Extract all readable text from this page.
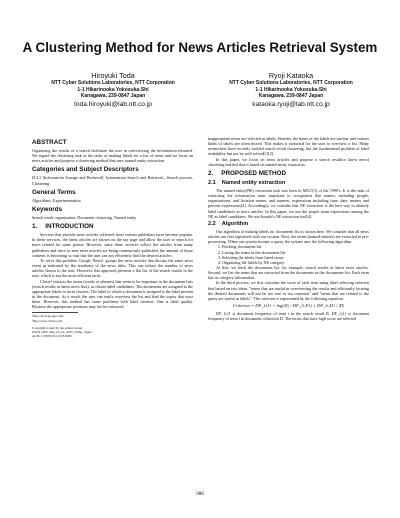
A Clustering Method for News Articles Retrieval System
Hiroyuki Toda
NTT Cyber Solutions Laboratories, NTT Corporation
1-1 Hikarinooka Yokosuka-Shi
Kanagawa, 239-0847 Japan
toda.hiroyuki@lab.ntt.co.jp
Ryoji Kataoka
NTT Cyber Solutions Laboratories, NTT Corporation
1-1 Hikarinooka Yokosuka-Shi
Kanagawa, 239-0847 Japan
kataoka.ryoji@lab.ntt.co.jp
ABSTRACT

Organizing the results of a search facilitates the user in overviewing the information returned. We regard the clustering task as the tasks of making labels for a list of items and we focus on news articles and propose a clustering method that uses named entity extraction.

Categories and Subject Descriptors

H.3.3 [Information Storage and Retrieval]: Information Search and Retrieval—Search process, Clustering

General Terms

Algorithms, Experimentation

Keywords

Search result organization, Document clustering, Named entity

1. INTRODUCTION

Services that provide news articles collected from various publishers have become popular. In these services, the latest articles are shown on the top page and allow the user to search for news related for some period. However, since these services collect the articles from many publishers and since so new news articles are being continuously published, the amount of those contents is becoming so vast that the user can not efficiently find the desired articles.

To solve this problem, Google News¹, groups the news articles that discuss the same news event as indicated by the similarity of the news titles. This can reduce the number of news articles shown to the user. However, this approach presents a flat list of the search results to the user, which is not the most efficient tactic.

Clusty² extracts the terms (words or phrases) that seem to be important in the document lists (search results or latest news lists), as cluster label candidates. The documents are assigned to the appropriate labels to form clusters. The label to which a document is assigned is the label present in the document. As a result, the user can easily overview the list and find the topics that exist there. However, this method has some problems with label creation. One is label quality. Because the appropriate positions may not be extracted,

¹http://news.google.com/
²http://www.clusty.com/
Copyright is held by the author/owner.
WWW 2005, May 10–14, 2005, Chiba, Japan.
ACM 1-59593-051-5/05/0005.

inappropriate terms are selected as labels. Besides, the bases of the labels are unclear and various kinds of labels are often mixed. This makes it awkward for the user to overview a list. Many researchers have recently tackled search result clustering, but the fundamental problem of label readability has not be well solved[1][2].

In this paper, we focus on news articles and propose a search result(or latest news) clustering method that is based on named entity extraction.

2. PROPOSED METHOD
2.1 Named entity extraction

The named entity(NE) extraction task was born in MUC[3] of the 1990's. It is the task of extracting the information units important to recognition like names, including people, organizations, and location names, and numeric expressions including time, date, money and percent expressions[4]. Accordingly, we consider that NE extraction is the best way to identify label candidates in news articles. In this paper, we use the proper noun expressions among the NE as label candidates. We use Isozaki's NE extraction tool[4].

2.2 Algorithm

Our algorithm of making labels for documents list is shown here. We consider that all news articles are first registered with our system. Next, the terms (named entities) are extracted in pre-processing. When our system accepts a query, the system uses the following algorithm.

1. Fetching documents list
2. Listing the terms in the documents list
3. Selecting the labels from listed terms
4. Organizing the labels by NE category

At first, we fetch the documents list, for example, search results or latest news articles. Second, we list the terms that are extracted from the documents in the documents list. Each term has its category information.

In the third process, we first calculate the score of each term using label selecting criterion that based on two ideas: "terms that are useful in overviewing the results and efficiently locating the desired documents will not be too rare or too common" and "terms that are related to the query are useful as labels". The criterion is represented by the following equation.

Criterion = DF_{t,l} × log(|E| / DF_{t,E}) × DF_{t,D} / |D|

DF_{t,l} is document frequency of term t in the search result R. DF_{t,l} is document frequency of term t in document collection D. The terms that have high score are selected

988
